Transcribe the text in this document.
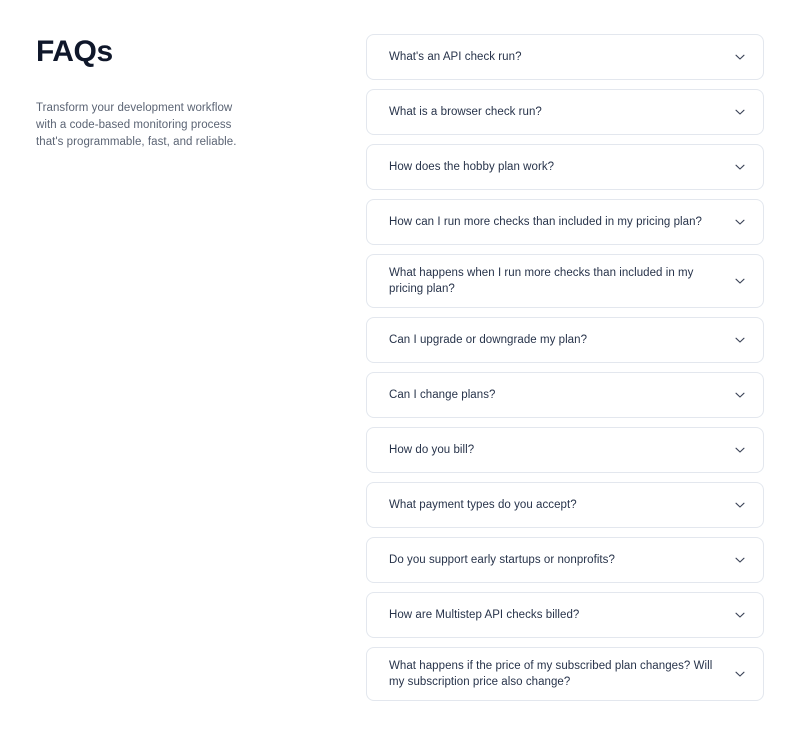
FAQs

Transform your development workflow with a code-based monitoring process that's programmable, fast, and reliable.

What's an API check run?
What is a browser check run?
How does the hobby plan work?
How can I run more checks than included in my pricing plan?
What happens when I run more checks than included in my pricing plan?
Can I upgrade or downgrade my plan?
Can I change plans?
How do you bill?
What payment types do you accept?
Do you support early startups or nonprofits?
How are Multistep API checks billed?
What happens if the price of my subscribed plan changes? Will my subscription price also change?
